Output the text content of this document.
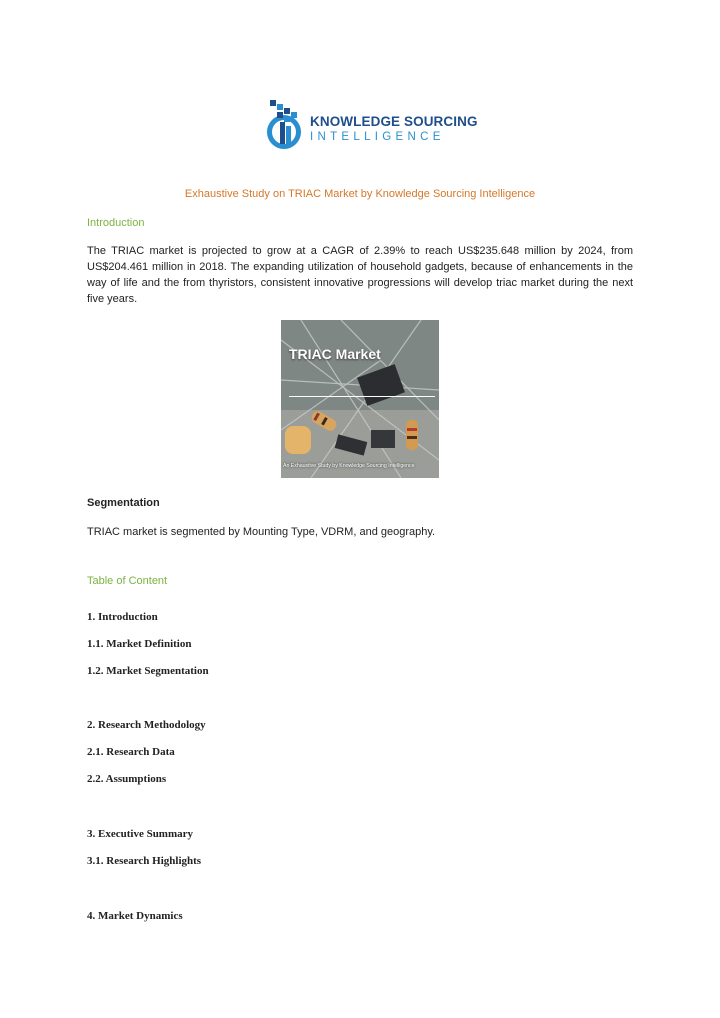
KNOWLEDGE SOURCING
INTELLIGENCE
Exhaustive Study on TRIAC Market by Knowledge Sourcing Intelligence
Introduction
The TRIAC market is projected to grow at a CAGR of 2.39% to reach US$235.648 million by 2024, from US$204.461 million in 2018. The expanding utilization of household gadgets, because of enhancements in the way of life and the from thyristors, consistent innovative progressions will develop triac market during the next five years.
TRIAC Market
An Exhaustive Study by Knowledge Sourcing Intelligence
Segmentation
TRIAC market is segmented by Mounting Type, VDRM, and geography.
Table of Content
1. Introduction
1.1. Market Definition
1.2. Market Segmentation
2. Research Methodology
2.1. Research Data
2.2. Assumptions
3. Executive Summary
3.1. Research Highlights
4. Market Dynamics
